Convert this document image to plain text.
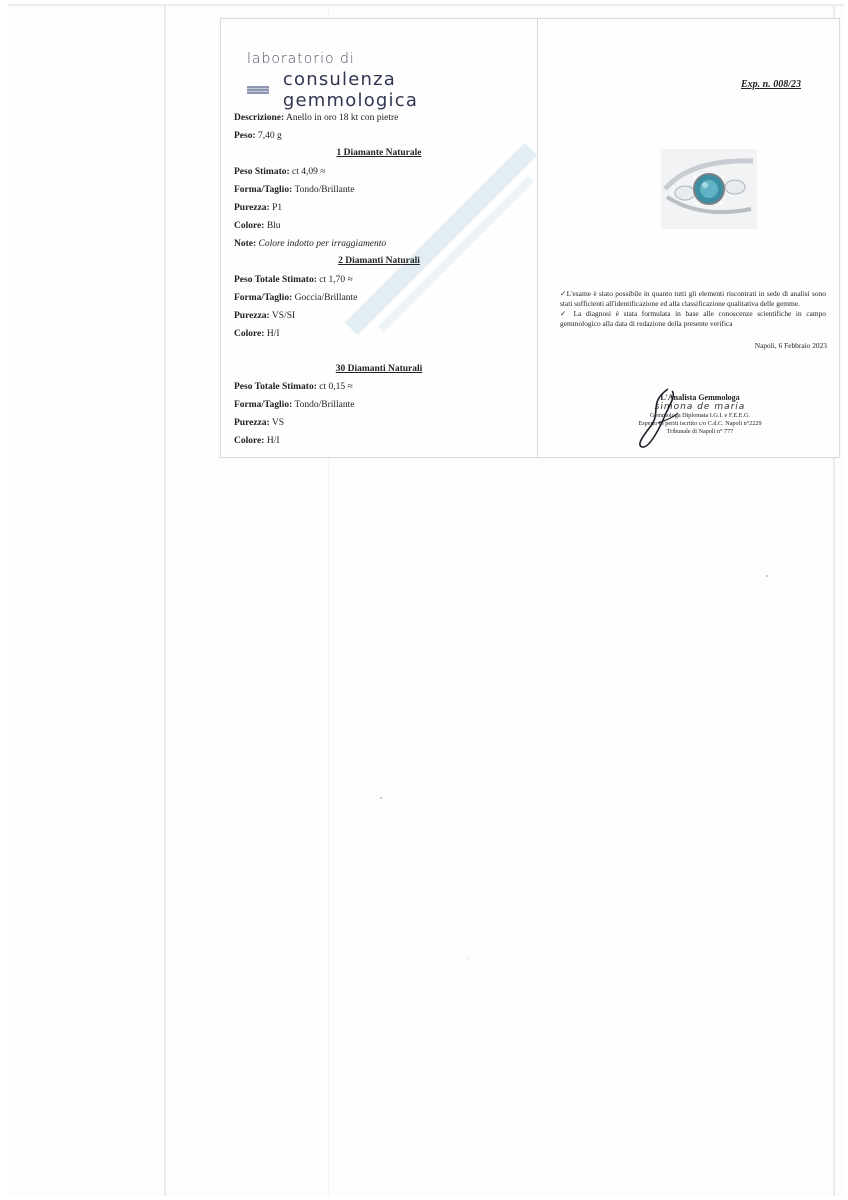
laboratorio di
consulenza gemmologica
Descrizione: Anello in oro 18 kt con pietre
Peso: 7,40 g
1 Diamante Naturale
Peso Stimato: ct 4,09 ≈
Forma/Taglio: Tondo/Brillante
Purezza: P1
Colore: Blu
Note: Colore indotto per irraggiamento
2 Diamanti Naturali
Peso Totale Stimato: ct 1,70 ≈
Forma/Taglio: Goccia/Brillante
Purezza: VS/SI
Colore: H/I
30 Diamanti Naturali
Peso Totale Stimato: ct 0,15 ≈
Forma/Taglio: Tondo/Brillante
Purezza: VS
Colore: H/I
Exp. n. 008/23

✓L'esame è stato possibile in quanto tutti gli elementi riscontrati in sede di analisi sono stati sufficienti all'identificazione ed alla classificazione qualitativa delle gemme.

✓ La diagnosi è stata formulata in base alle conoscenze scientifiche in campo gemmologico alla data di redazione della presente verifica

Napoli, 6 Febbraio 2023
L'Analista Gemmologa
simona de maria
Gemmologa Diplomata I.G.I. e F.E.E.G.
Esperto in periti iscritto c/o C.d.C. Napoli n°2229
Tribunale di Napoli n° 777
